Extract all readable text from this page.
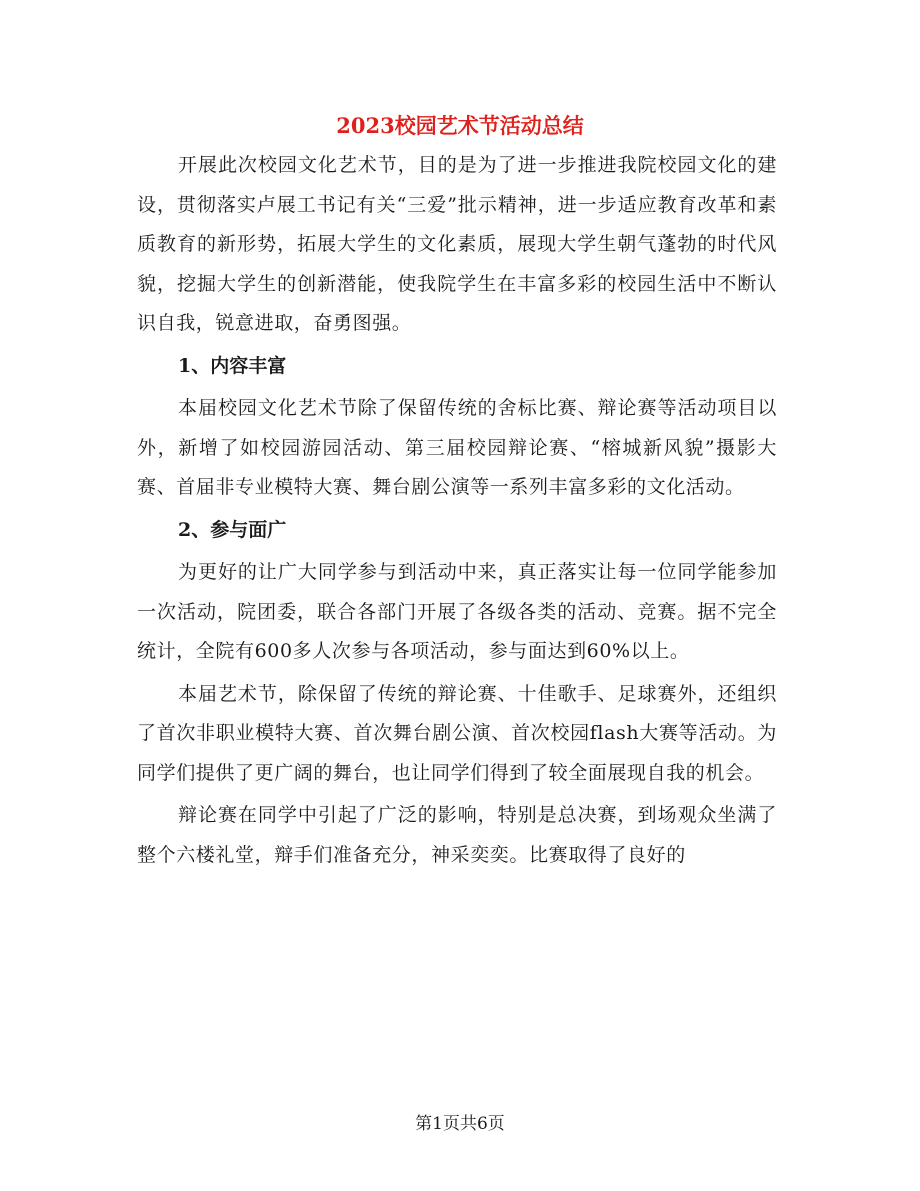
2023校园艺术节活动总结

开展此次校园文化艺术节，目的是为了进一步推进我院校园文化的建设，贯彻落实卢展工书记有关“三爱”批示精神，进一步适应教育改革和素质教育的新形势，拓展大学生的文化素质，展现大学生朝气蓬勃的时代风貌，挖掘大学生的创新潜能，使我院学生在丰富多彩的校园生活中不断认识自我，锐意进取，奋勇图强。

1、内容丰富

本届校园文化艺术节除了保留传统的舍标比赛、辩论赛等活动项目以外，新增了如校园游园活动、第三届校园辩论赛、“榕城新风貌”摄影大赛、首届非专业模特大赛、舞台剧公演等一系列丰富多彩的文化活动。

2、参与面广

为更好的让广大同学参与到活动中来，真正落实让每一位同学能参加一次活动，院团委，联合各部门开展了各级各类的活动、竞赛。据不完全统计，全院有600多人次参与各项活动，参与面达到60%以上。

本届艺术节，除保留了传统的辩论赛、十佳歌手、足球赛外，还组织了首次非职业模特大赛、首次舞台剧公演、首次校园flash大赛等活动。为同学们提供了更广阔的舞台，也让同学们得到了较全面展现自我的机会。

辩论赛在同学中引起了广泛的影响，特别是总决赛，到场观众坐满了整个六楼礼堂，辩手们准备充分，神采奕奕。比赛取得了良好的

第1页共6页
